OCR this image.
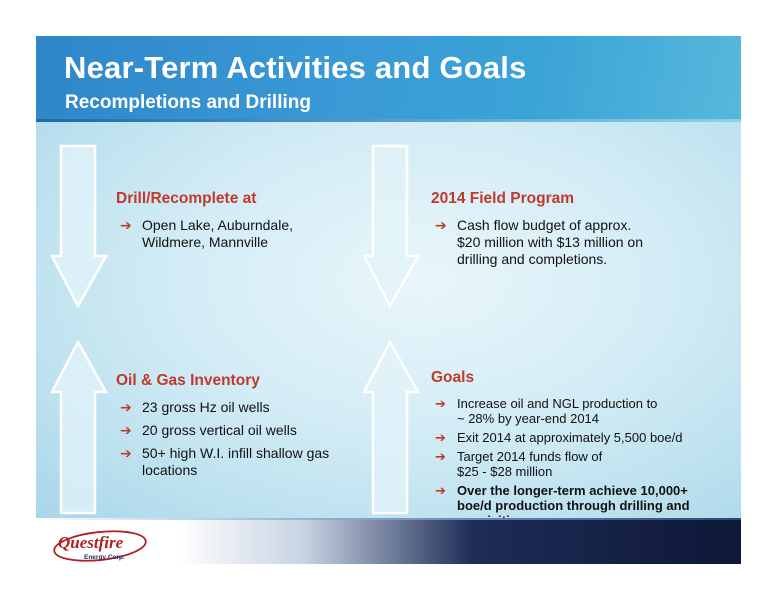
Near-Term Activities and Goals
Recompletions and Drilling
Drill/Recomplete at
➔ Open Lake, Auburndale,
Wildmere, Mannville
2014 Field Program
➔ Cash flow budget of approx.
$20 million with $13 million on
drilling and completions.
Oil & Gas Inventory
➔ 23 gross Hz oil wells
➔ 20 gross vertical oil wells
➔ 50+ high W.I. infill shallow gas
locations
Goals
➔ Increase oil and NGL production to
~ 28% by year-end 2014
➔ Exit 2014 at approximately 5,500 boe/d
➔ Target 2014 funds flow of
$25 - $28 million
➔ Over the longer-term achieve 10,000+
boe/d production through drilling and

Questfire
Energy Corp.
